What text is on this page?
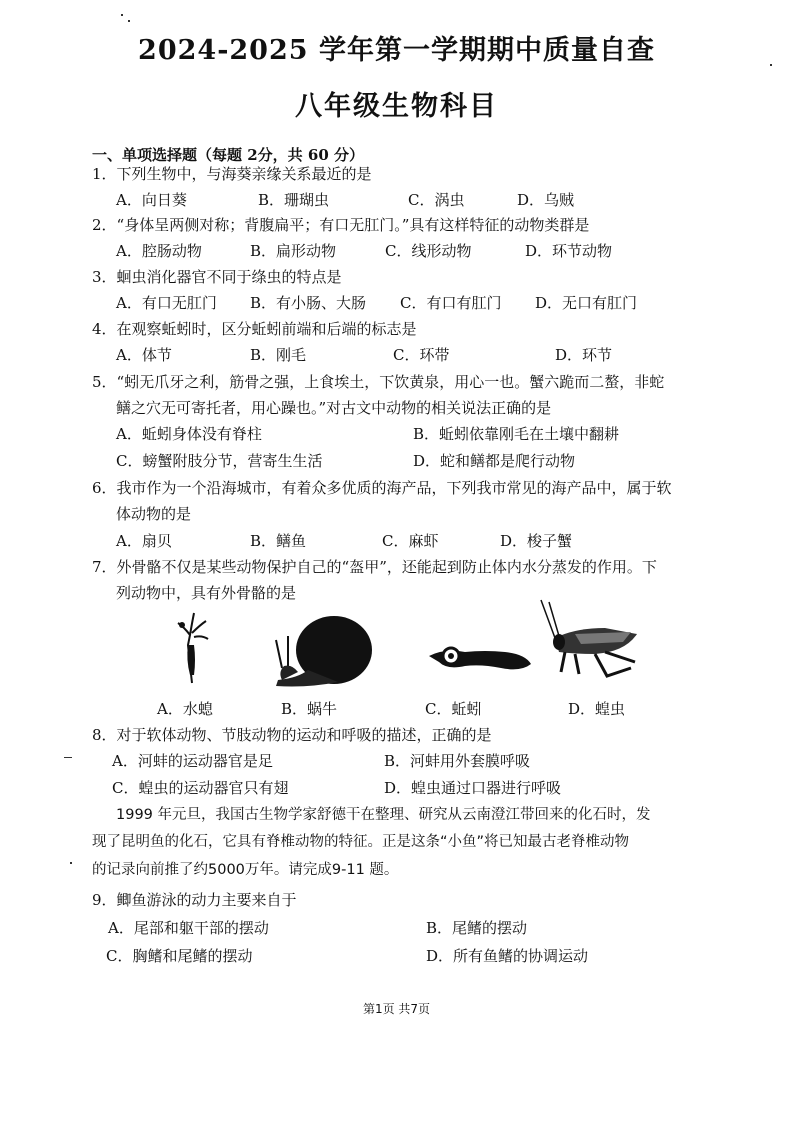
2024-2025 学年第一学期期中质量自查
八年级生物科目
一、单项选择题（每题 2分，共 60 分）
1．下列生物中，与海葵亲缘关系最近的是
A．向日葵	B．珊瑚虫	C．涡虫	D．乌贼
2．“身体呈两侧对称；背腹扁平；有口无肛门。”具有这样特征的动物类群是
A．腔肠动物	B．扁形动物	C．线形动物	D．环节动物
3．蛔虫消化器官不同于绦虫的特点是
A．有口无肛门 B．有小肠、大肠 C．有口有肛门 D．无口有肛门
4．在观察蚯蚓时，区分蚯蚓前端和后端的标志是
A．体节	B．刚毛	C．环带	D．环节
5．“蚓无爪牙之利，筋骨之强，上食埃土，下饮黄泉，用心一也。蟹六跪而二螯，非蛇
鳝之穴无可寄托者，用心躁也。”对古文中动物的相关说法正确的是
A．蚯蚓身体没有脊柱	B．蚯蚓依靠刚毛在土壤中翻耕
C．螃蟹附肢分节，营寄生生活	D．蛇和鳝都是爬行动物
6．我市作为一个沿海城市，有着众多优质的海产品，下列我市常见的海产品中，属于软
体动物的是
A．扇贝	B．鳝鱼	C．麻虾	D．梭子蟹
7．外骨骼不仅是某些动物保护自己的“盔甲”，还能起到防止体内水分蒸发的作用。下
列动物中，具有外骨骼的是
A．水螅	B．蜗牛	C．蚯蚓	D．蝗虫
8．对于软体动物、节肢动物的运动和呼吸的描述，正确的是
A．河蚌的运动器官是足	B．河蚌用外套膜呼吸
C．蝗虫的运动器官只有翅	D．蝗虫通过口器进行呼吸
1999 年元旦，我国古生物学家舒德干在整理、研究从云南澄江带回来的化石时，发
现了昆明鱼的化石，它具有脊椎动物的特征。正是这条“小鱼”将已知最古老脊椎动物
的记录向前推了约5000万年。请完成9-11 题。
9．鲫鱼游泳的动力主要来自于
A．尾部和躯干部的摆动	B．尾鳍的摆动
C．胸鳍和尾鳍的摆动	D．所有鱼鳍的协调运动
第1页 共7页
